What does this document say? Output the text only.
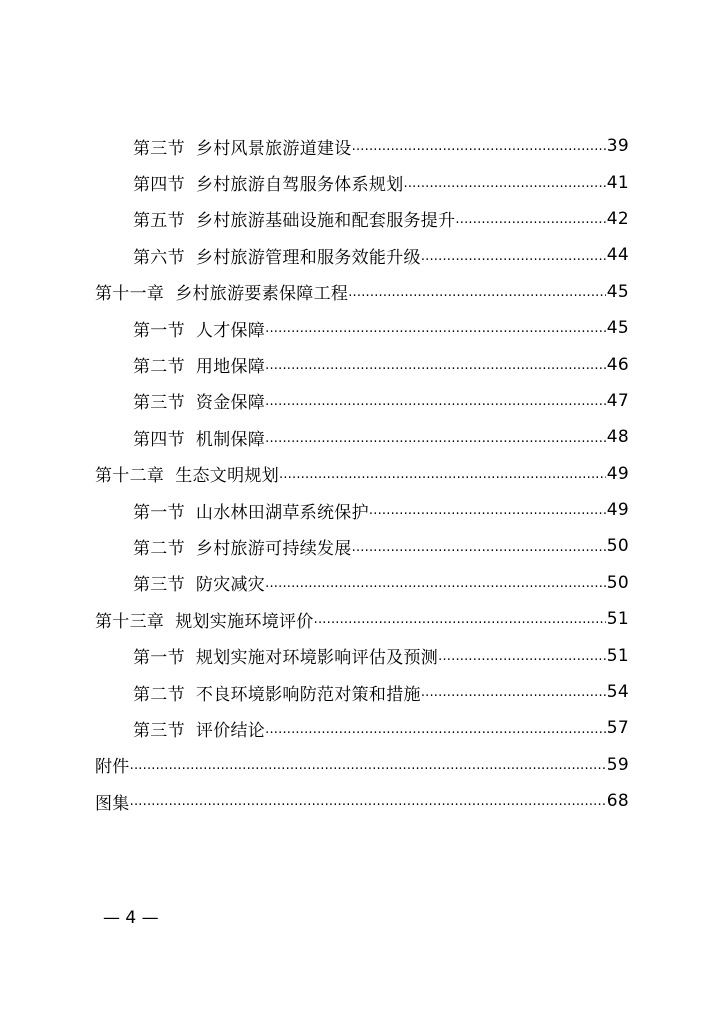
第三节 乡村风景旅游道建设 .....	39
第四节 乡村旅游自驾服务体系规划 .....	41
第五节 乡村旅游基础设施和配套服务提升 .....	42
第六节 乡村旅游管理和服务效能升级 .....	44
第十一章 乡村旅游要素保障工程 .....	45
第一节 人才保障 .....	45
第二节 用地保障 .....	46
第三节 资金保障 .....	47
第四节 机制保障 .....	48
第十二章 生态文明规划 .....	49
第一节 山水林田湖草系统保护 .....	49
第二节 乡村旅游可持续发展 .....	50
第三节 防灾减灾 .....	50
第十三章 规划实施环境评价 .....	51
第一节 规划实施对环境影响评估及预测 .....	51
第二节 不良环境影响防范对策和措施 .....	54
第三节 评价结论 .....	57
附件 .....	59
图集 .....	68
— 4 —
